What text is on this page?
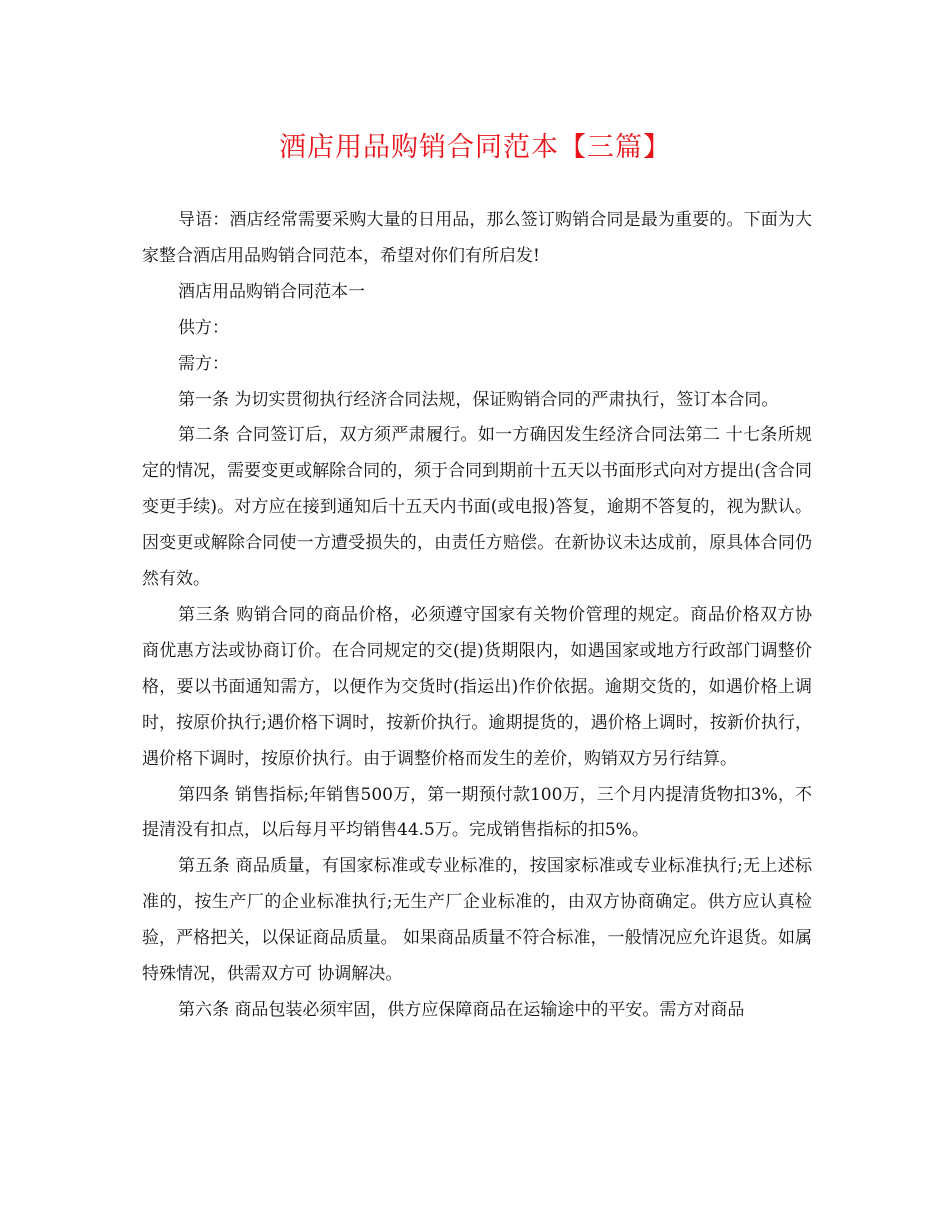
酒店用品购销合同范本【三篇】

导语：酒店经常需要采购大量的日用品，那么签订购销合同是最为重要的。下面为大家整合酒店用品购销合同范本，希望对你们有所启发!

酒店用品购销合同范本一

供方：

需方：

第一条 为切实贯彻执行经济合同法规，保证购销合同的严肃执行，签订本合同。

第二条 合同签订后，双方须严肃履行。如一方确因发生经济合同法第二 十七条所规定的情况，需要变更或解除合同的，须于合同到期前十五天以书面形式向对方提出(含合同变更手续)。对方应在接到通知后十五天内书面(或电报)答复，逾期不答复的，视为默认。因变更或解除合同使一方遭受损失的，由责任方赔偿。在新协议未达成前，原具体合同仍然有效。

第三条 购销合同的商品价格，必须遵守国家有关物价管理的规定。商品价格双方协商优惠方法或协商订价。在合同规定的交(提)货期限内，如遇国家或地方行政部门调整价格，要以书面通知需方，以便作为交货时(指运出)作价依据。逾期交货的，如遇价格上调时，按原价执行;遇价格下调时，按新价执行。逾期提货的，遇价格上调时，按新价执行，遇价格下调时，按原价执行。由于调整价格而发生的差价，购销双方另行结算。

第四条 销售指标;年销售500万，第一期预付款100万，三个月内提清货物扣3%，不提清没有扣点，以后每月平均销售44.5万。完成销售指标的扣5%。

第五条 商品质量，有国家标准或专业标准的，按国家标准或专业标准执行;无上述标准的，按生产厂的企业标准执行;无生产厂企业标准的，由双方协商确定。供方应认真检验，严格把关，以保证商品质量。 如果商品质量不符合标准，一般情况应允许退货。如属特殊情况，供需双方可 协调解决。

第六条 商品包装必须牢固，供方应保障商品在运输途中的平安。需方对商品
